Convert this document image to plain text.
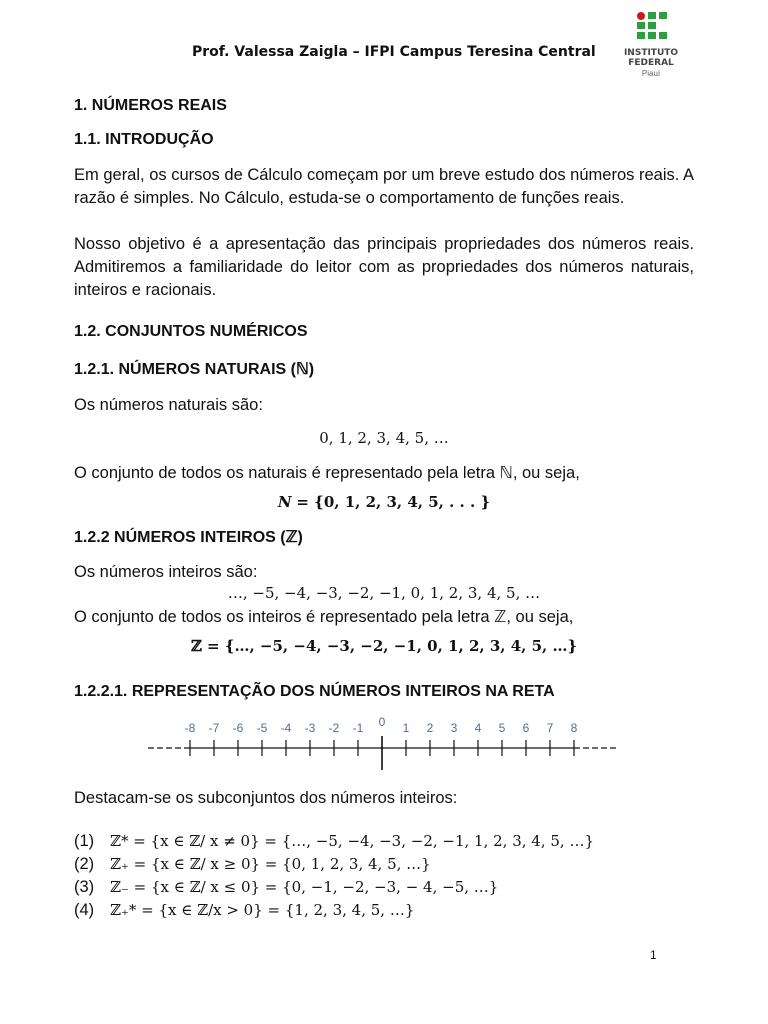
Prof. Valessa Zaigla – IFPI Campus Teresina Central	INSTITUTO
FEDERAL
Piauí
1. NÚMEROS REAIS
1.1. INTRODUÇÃO

Em geral, os cursos de Cálculo começam por um breve estudo dos números reais. A razão é simples. No Cálculo, estuda-se o comportamento de funções reais.

Nosso objetivo é a apresentação das principais propriedades dos números reais. Admitiremos a familiaridade do leitor com as propriedades dos números naturais, inteiros e racionais.

1.2. CONJUNTOS NUMÉRICOS
1.2.1. NÚMEROS NATURAIS (ℕ)

Os números naturais são:

0, 1, 2, 3, 4, 5, …

O conjunto de todos os naturais é representado pela letra ℕ, ou seja,

N = {0, 1, 2, 3, 4, 5, . . . }
1.2.2 NÚMEROS INTEIROS (ℤ)

Os números inteiros são:

…, −5, −4, −3, −2, −1, 0, 1, 2, 3, 4, 5, …

O conjunto de todos os inteiros é representado pela letra ℤ, ou seja,

ℤ = {…, −5, −4, −3, −2, −1, 0, 1, 2, 3, 4, 5, …}
1.2.2.1. REPRESENTAÇÃO DOS NÚMEROS INTEIROS NA RETA
-8 -7 -6 -5 -4 -3 -2 -1 0 1 2 3 4 5 6 7 8

Destacam-se os subconjuntos dos números inteiros:

(1) ℤ* = {x ∈ ℤ/ x ≠ 0} = {…, −5, −4, −3, −2, −1, 1, 2, 3, 4, 5, …}
(2) ℤ₊ = {x ∈ ℤ/ x ≥ 0} = {0, 1, 2, 3, 4, 5, …}
(3) ℤ₋ = {x ∈ ℤ/ x ≤ 0} = {0, −1, −2, −3, − 4, −5, …}
(4) ℤ₊* = {x ∈ ℤ/x > 0} = {1, 2, 3, 4, 5, …}
1
